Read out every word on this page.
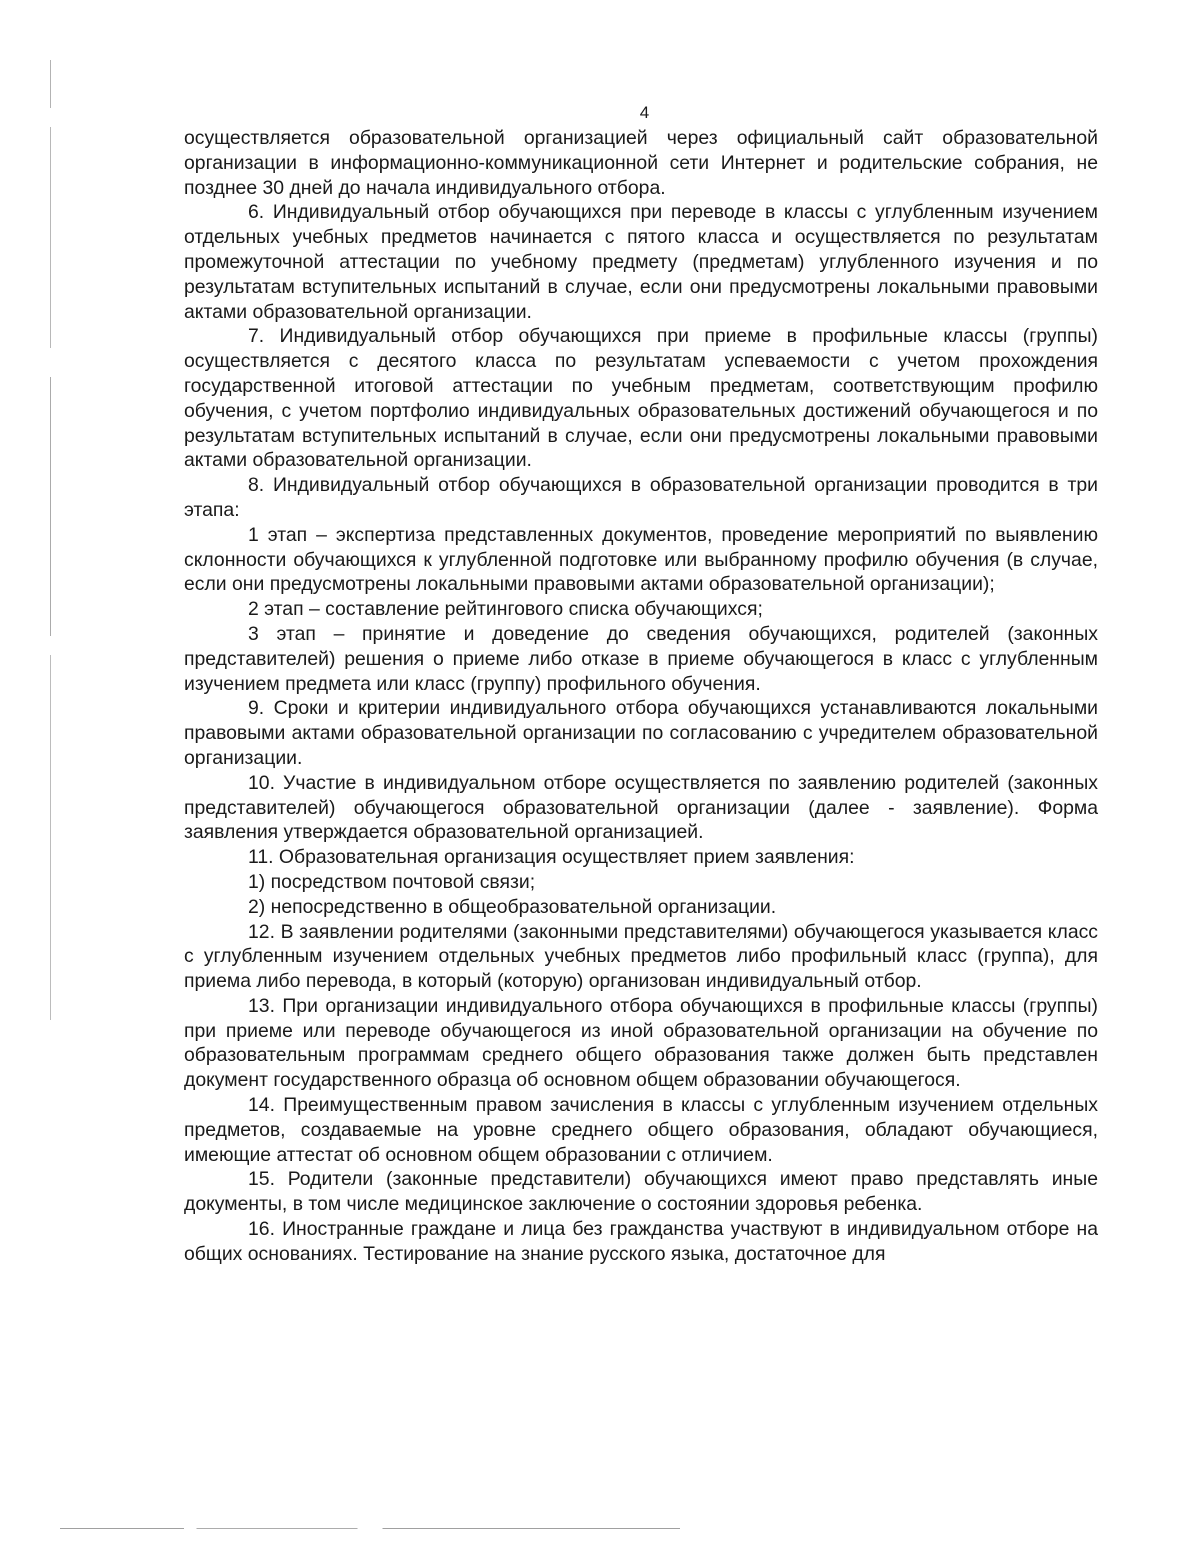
4

осуществляется образовательной организацией через официальный сайт образовательной организации в информационно-коммуникационной сети Интернет и родительские собрания, не позднее 30 дней до начала индивидуального отбора.

6. Индивидуальный отбор обучающихся при переводе в классы с углубленным изучением отдельных учебных предметов начинается с пятого класса и осуществляется по результатам промежуточной аттестации по учебному предмету (предметам) углубленного изучения и по результатам вступительных испытаний в случае, если они предусмотрены локальными правовыми актами образовательной организации.

7. Индивидуальный отбор обучающихся при приеме в профильные классы (группы) осуществляется с десятого класса по результатам успеваемости с учетом прохождения государственной итоговой аттестации по учебным предметам, соответствующим профилю обучения, с учетом портфолио индивидуальных образовательных достижений обучающегося и по результатам вступительных испытаний в случае, если они предусмотрены локальными правовыми актами образовательной организации.

8. Индивидуальный отбор обучающихся в образовательной организации проводится в три этапа:

1 этап – экспертиза представленных документов, проведение мероприятий по выявлению склонности обучающихся к углубленной подготовке или выбранному профилю обучения (в случае, если они предусмотрены локальными правовыми актами образовательной организации);

2 этап – составление рейтингового списка обучающихся;

3 этап – принятие и доведение до сведения обучающихся, родителей (законных представителей) решения о приеме либо отказе в приеме обучающегося в класс с углубленным изучением предмета или класс (группу) профильного обучения.

9. Сроки и критерии индивидуального отбора обучающихся устанавливаются локальными правовыми актами образовательной организации по согласованию с учредителем образовательной организации.

10. Участие в индивидуальном отборе осуществляется по заявлению родителей (законных представителей) обучающегося образовательной организации (далее - заявление). Форма заявления утверждается образовательной организацией.

11. Образовательная организация осуществляет прием заявления:

1) посредством почтовой связи;

2) непосредственно в общеобразовательной организации.

12. В заявлении родителями (законными представителями) обучающегося указывается класс с углубленным изучением отдельных учебных предметов либо профильный класс (группа), для приема либо перевода, в который (которую) организован индивидуальный отбор.

13. При организации индивидуального отбора обучающихся в профильные классы (группы) при приеме или переводе обучающегося из иной образовательной организации на обучение по образовательным программам среднего общего образования также должен быть представлен документ государственного образца об основном общем образовании обучающегося.

14. Преимущественным правом зачисления в классы с углубленным изучением отдельных предметов, создаваемые на уровне среднего общего образования, обладают обучающиеся, имеющие аттестат об основном общем образовании с отличием.

15. Родители (законные представители) обучающихся имеют право представлять иные документы, в том числе медицинское заключение о состоянии здоровья ребенка.

16. Иностранные граждане и лица без гражданства участвуют в индивидуальном отборе на общих основаниях. Тестирование на знание русского языка, достаточное для
